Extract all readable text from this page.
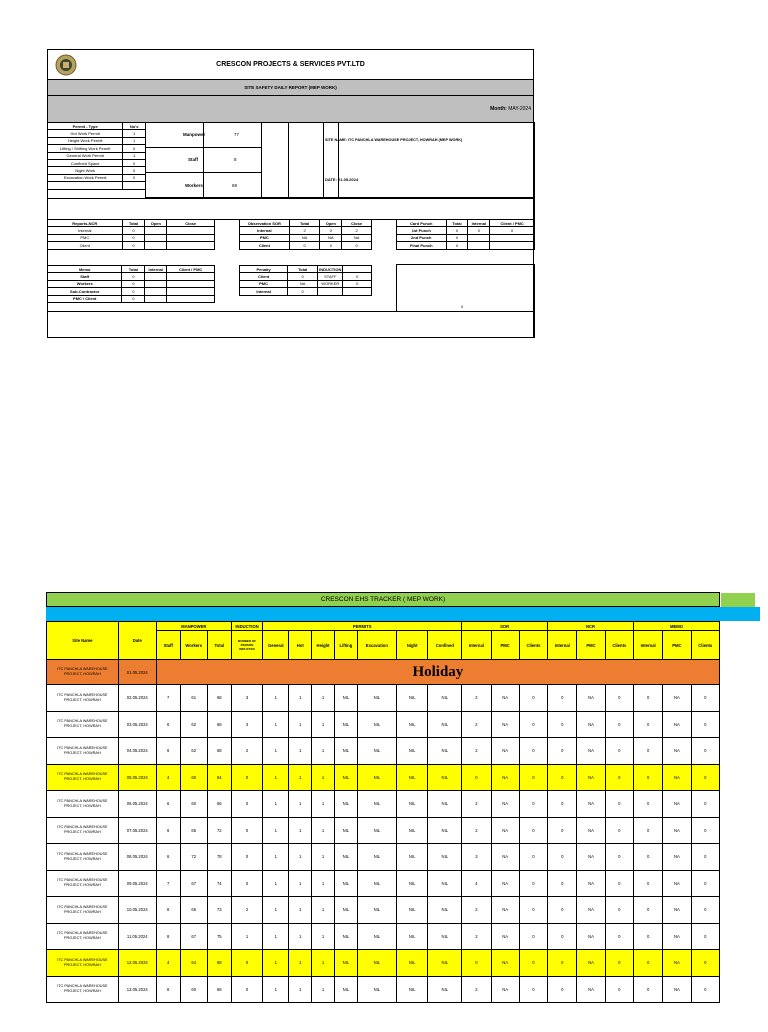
CRESCON PROJECTS & SERVICES PVT.LTD
SITE SAFETY DAILY REPORT (MEP WORK)
Month: MAY-2024
Permit - Type	No's
Hot Work Permit	1
Height Work Permit	1
Lifting / Shifting Work Permit	0
General Work Permit	1
Confined Space	0
Night Work	0
Excavation Work Permit	0

Manpower	77
Staff	8
Workers	69
SITE NAME: ITC PANCHLA WAREHOUSE PROJECT, HOWRAH (MEP WORK)
DATE: 21.05.2024
Reports-NCR	Total	Open	Close
Internal	0		
PMC	0		
Client	0		
Observation SOR	Total	Open	Close
Internal	2	0	2
PMC	NA	NA	NA
Client	0	0	0
Card Punch	Total	Internal	Client / PMC
1st Punch	0	0	0
2nd Punch	0		
Final Punch	0		
Memo	Total	Internal	Client / PMC
Staff	0		
Workers	0		
Sub-Contractor	0		
PMC / Client	0		
Penalty	Total	INDUCTION	
Client	0	STAFF	0
PMC	NA	WORKER	0
Internal	0		
0
CRESCON EHS TRACKER ( MEP WORK)
Site Name	Date	MANPOWER			INDUCTION	PERMITS							SOR			NCR			MEMO		
		Staff	Workers	Total	NUMBER OF PERSON INDUCTED	General	Hot	Height	Lifting	Excavation	Night	Confined	Internal	PMC	Clients	Internal	PMC	Clients	Internal	PMC	Clients
ITC PANCHLA WAREHOUSE PROJECT, HOWRAH	01.05.2024	Holiday																			
ITC PANCHLA WAREHOUSE PROJECT, HOWRAH	02.05.2024	7	61	68	3	1	1	1	NIL	NIL	NIL	NIL	2	NA	0	0	NA	0	0	NA	0
ITC PANCHLA WAREHOUSE PROJECT, HOWRAH	03.05.2024	6	62	68	3	1	1	1	NIL	NIL	NIL	NIL	2	NA	0	0	NA	0	0	NA	0
ITC PANCHLA WAREHOUSE PROJECT, HOWRAH	04.05.2024	6	62	68	2	1	1	1	NIL	NIL	NIL	NIL	2	NA	0	0	NA	0	0	NA	0
ITC PANCHLA WAREHOUSE PROJECT, HOWRAH	05.05.2024	4	60	64	0	1	1	1	NIL	NIL	NIL	NIL	0	NA	0	0	NA	0	0	NA	0
ITC PANCHLA WAREHOUSE PROJECT, HOWRAH	06.05.2024	6	60	66	0	1	1	1	NIL	NIL	NIL	NIL	2	NA	0	0	NA	0	0	NA	0
ITC PANCHLA WAREHOUSE PROJECT, HOWRAH	07.05.2024	6	66	72	0	1	1	1	NIL	NIL	NIL	NIL	2	NA	0	0	NA	0	0	NA	0
ITC PANCHLA WAREHOUSE PROJECT, HOWRAH	08.05.2024	6	72	78	0	1	1	1	NIL	NIL	NIL	NIL	3	NA	0	0	NA	0	0	NA	0
ITC PANCHLA WAREHOUSE PROJECT, HOWRAH	09.05.2024	7	67	74	0	1	1	1	NIL	NIL	NIL	NIL	4	NA	0	0	NA	0	0	NA	0
ITC PANCHLA WAREHOUSE PROJECT, HOWRAH	10.05.2024	8	65	73	2	1	1	1	NIL	NIL	NIL	NIL	2	NA	0	0	NA	0	0	NA	0
ITC PANCHLA WAREHOUSE PROJECT, HOWRAH	11.05.2024	8	67	75	1	1	1	1	NIL	NIL	NIL	NIL	2	NA	0	0	NA	0	0	NA	0
ITC PANCHLA WAREHOUSE PROJECT, HOWRAH	12.05.2024	4	64	68	0	1	1	1	NIL	NIL	NIL	NIL	0	NA	0	0	NA	0	0	NA	0
ITC PANCHLA WAREHOUSE PROJECT, HOWRAH	13.05.2024	8	60	68	0	1	1	1	NIL	NIL	NIL	NIL	2	NA	0	0	NA	0	0	NA	0
